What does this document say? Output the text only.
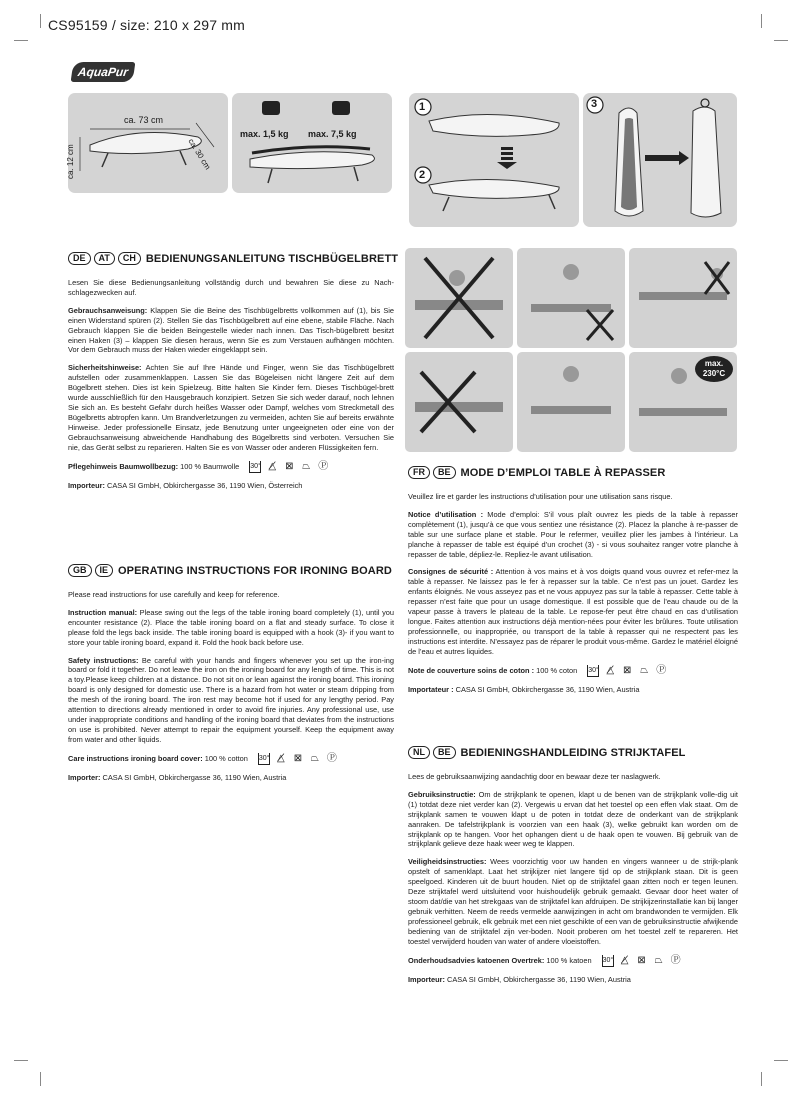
CS95159 / size: 210 x 297 mm
AquaPur
ca. 73 cm
ca. 30 cm
ca. 12 cm
max. 1,5 kg max. 7,5 kg
1
2
3
max.
230°C
DE	AT	CH BEDIENUNGSANLEITUNG TISCHBÜGELBRETT

Lesen Sie diese Bedienungsanleitung vollständig durch und bewahren Sie diese zu Nach-schlagezwecken auf.

Gebrauchsanweisung: Klappen Sie die Beine des Tischbügelbretts vollkommen auf (1), bis Sie einen Widerstand spüren (2). Stellen Sie das Tischbügelbrett auf eine ebene, stabile Fläche. Nach Gebrauch klappen Sie die beiden Beingestelle wieder nach innen. Das Tisch-bügelbrett besitzt einen Haken (3) – klappen Sie diesen heraus, wenn Sie es zum Verstauen aufhängen möchten. Vor dem Gebrauch muss der Haken wieder eingeklappt sein.

Sicherheitshinweise: Achten Sie auf Ihre Hände und Finger, wenn Sie das Tischbügelbrett aufstellen oder zusammenklappen. Lassen Sie das Bügeleisen nicht längere Zeit auf dem Bügelbrett stehen. Dies ist kein Spielzeug. Bitte halten Sie Kinder fern. Dieses Tischbügel-brett wurde ausschließlich für den Hausgebrauch konzipiert. Setzen Sie sich weder darauf, noch lehnen Sie sich an. Es besteht Gefahr durch heißes Wasser oder Dampf, welches vom Streckmetall des Bügelbretts abtropfen kann. Um Brandverletzungen zu vermeiden, achten Sie auf bereits erwähnte Hinweise. Jeder professionelle Einsatz, jede Benutzung unter ungeeigneten oder eine von der Gebrauchsanweisung abweichende Handhabung des Bügelbretts sind verboten. Versuchen Sie nie, das Gerät selbst zu reparieren. Halten Sie es von Wasser oder anderen Flüssigkeiten fern.

Pflegehinweis Baumwollbezug: 100 % Baumwolle 30° △̸ ⊠ ⏢ Ⓟ

Importeur: CASA SI GmbH, Obkirchergasse 36, 1190 Wien, Österreich

GB	IE OPERATING INSTRUCTIONS FOR IRONING BOARD

Please read instructions for use carefully and keep for reference.

Instruction manual: Please swing out the legs of the table ironing board completely (1), until you encounter resistance (2). Place the table ironing board on a flat and steady surface. To close it please fold the legs back inside. The table ironing board is equipped with a hook (3)- if you want to store your table ironing board, expand it. Fold the hook back before use.

Safety instructions: Be careful with your hands and fingers whenever you set up the iron-ing board or fold it together. Do not leave the iron on the ironing board for any length of time. This is not a toy.Please keep children at a distance. Do not sit on or lean against the ironing board. This ironing board is only designed for domestic use. There is a hazard from hot water or steam dripping from the mesh of the ironing board. The iron rest may become hot if used for any lengthy period. Pay attention to directions already mentioned in order to avoid fire injuries. Any professional use, use under inappropriate conditions and handling of the ironing board that deviates from the instructions on use is prohibited. Never attempt to repair the equipment yourself. Keep the equipment away from water and other liquids.

Care instructions ironing board cover: 100 % cotton 30° △̸ ⊠ ⏢ Ⓟ

Importer: CASA SI GmbH, Obkirchergasse 36, 1190 Wien, Austria

FR	BE MODE D’EMPLOI TABLE À REPASSER

Veuillez lire et garder les instructions d’utilisation pour une utilisation sans risque.

Notice d’utilisation : Mode d’emploi: S’il vous plaît ouvrez les pieds de la table à repasser complètement (1), jusqu’à ce que vous sentiez une résistance (2). Placez la planche à re-passer de table sur une surface plane et stable. Pour le refermer, veuillez plier les jambes à l’intérieur. La planche à repasser de table est équipé d’un crochet (3) - si vous souhaitez ranger votre planche à repasser de table, dépliez-le. Repliez-le avant utilisation.

Consignes de sécurité : Attention à vos mains et à vos doigts quand vous ouvrez et refer-mez la table à repasser. Ne laissez pas le fer à repasser sur la table. Ce n’est pas un jouet. Gardez les enfants éloignés. Ne vous asseyez pas et ne vous appuyez pas sur la table à repasser. Cette table à repasser n’est faite que pour un usage domestique. Il est possible que de l’eau chaude ou de la vapeur passe à travers le plateau de la table. Le repose-fer peut être chaud en cas d’utilisation longue. Faites attention aux instructions déjà mention-nées pour éviter les brûlures. Toute utilisation professionnelle, ou inappropriée, ou transport de la table à repasser qui ne respectent pas les instructions est interdite. N’essayez pas de réparer le produit vous-même. Gardez le matériel éloigné de l’eau et autres liquides.

Note de couverture soins de coton : 100 % coton 30° △̸ ⊠ ⏢ Ⓟ

Importateur : CASA SI GmbH, Obkirchergasse 36, 1190 Wien, Austria

NL	BE BEDIENINGSHANDLEIDING STRIJKTAFEL

Lees de gebruiksaanwijzing aandachtig door en bewaar deze ter naslagwerk.

Gebruiksinstructie: Om de strijkplank te openen, klapt u de benen van de strijkplank volle-dig uit (1) totdat deze niet verder kan (2). Vergewis u ervan dat het toestel op een effen vlak staat. Om de strijkplank samen te vouwen klapt u de poten in totdat deze de onderkant van de strijkplank aanraken. De tafelstrijkplank is voorzien van een haak (3), welke gebruikt kan worden om de strijkplank op te hangen. Voor het ophangen dient u de haak open te vouwen. Bij gebruik van de strijkplank gelieve deze haak weer weg te klappen.

Veiligheidsinstructies: Wees voorzichtig voor uw handen en vingers wanneer u de strijk-plank opstelt of samenklapt. Laat het strijkijzer niet langere tijd op de strijkplank staan. Dit is geen speelgoed. Kinderen uit de buurt houden. Niet op de strijktafel gaan zitten noch er tegen leunen. Deze strijktafel werd uitsluitend voor huishoudelijk gebruik gemaakt. Gevaar door heet water of stoom dat/die van het strekgaas van de strijktafel kan afdruipen. De strijkijzerinstallatie kan bij langer gebruik verhitten. Neem de reeds vermelde aanwijzingen in acht om brandwonden te vermijden. Elk professioneel gebruik, elk gebruik met een niet geschikte of een van de gebruiksinstructie afwijkende bediening van de strijktafel zijn ver-boden. Nooit proberen om het toestel zelf te repareren. Het toestel verwijderd houden van water of andere vloeistoffen.

Onderhoudsadvies katoenen Overtrek: 100 % katoen 30° △̸ ⊠ ⏢ Ⓟ

Importeur: CASA SI GmbH, Obkirchergasse 36, 1190 Wien, Austria
